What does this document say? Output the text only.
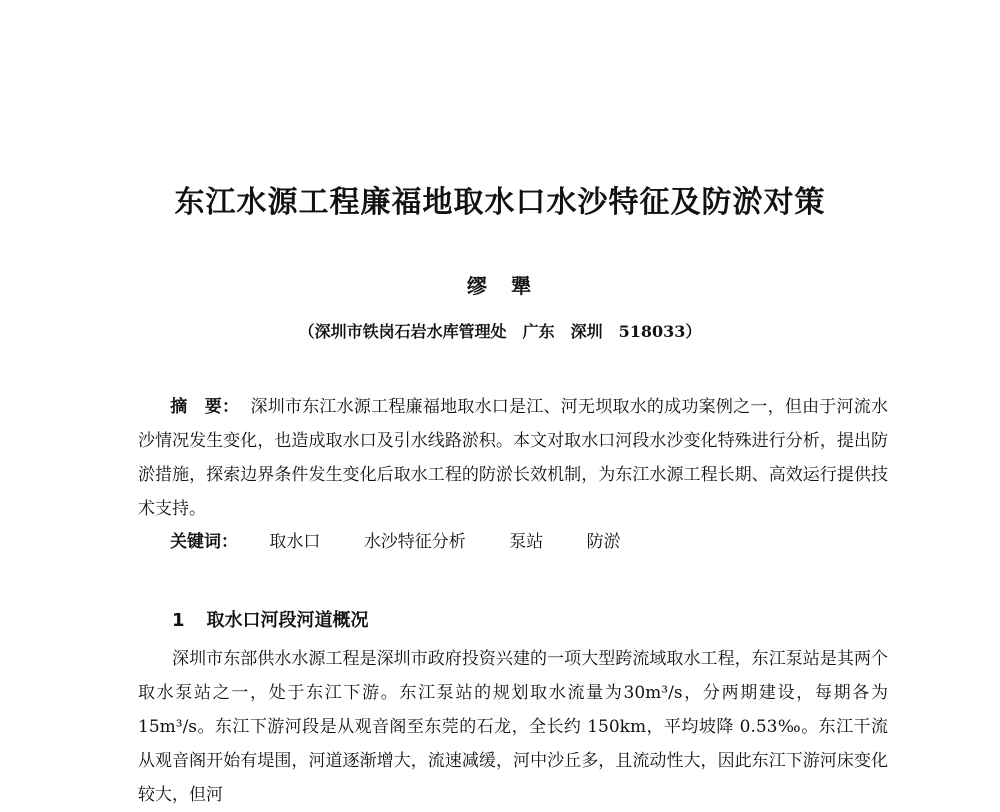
东江水源工程廉福地取水口水沙特征及防淤对策
缪　犟
（深圳市铁岗石岩水库管理处　广东　深圳　518033）
摘　要： 深圳市东江水源工程廉福地取水口是江、河无坝取水的成功案例之一，但由于河流水沙情况发生变化，也造成取水口及引水线路淤积。本文对取水口河段水沙变化特殊进行分析，提出防淤措施，探索边界条件发生变化后取水工程的防淤长效机制，为东江水源工程长期、高效运行提供技术支持。
关键词： 取水口	水沙特征分析	泵站	防淤
1 取水口河段河道概况
深圳市东部供水水源工程是深圳市政府投资兴建的一项大型跨流域取水工程，东江泵站是其两个取水泵站之一，处于东江下游。东江泵站的规划取水流量为30m³/s，分两期建设，每期各为15m³/s。东江下游河段是从观音阁至东莞的石龙，全长约 150km，平均坡降 0.53‰。东江干流从观音阁开始有堤围，河道逐渐增大，流速减缓，河中沙丘多，且流动性大，因此东江下游河床变化较大，但河
